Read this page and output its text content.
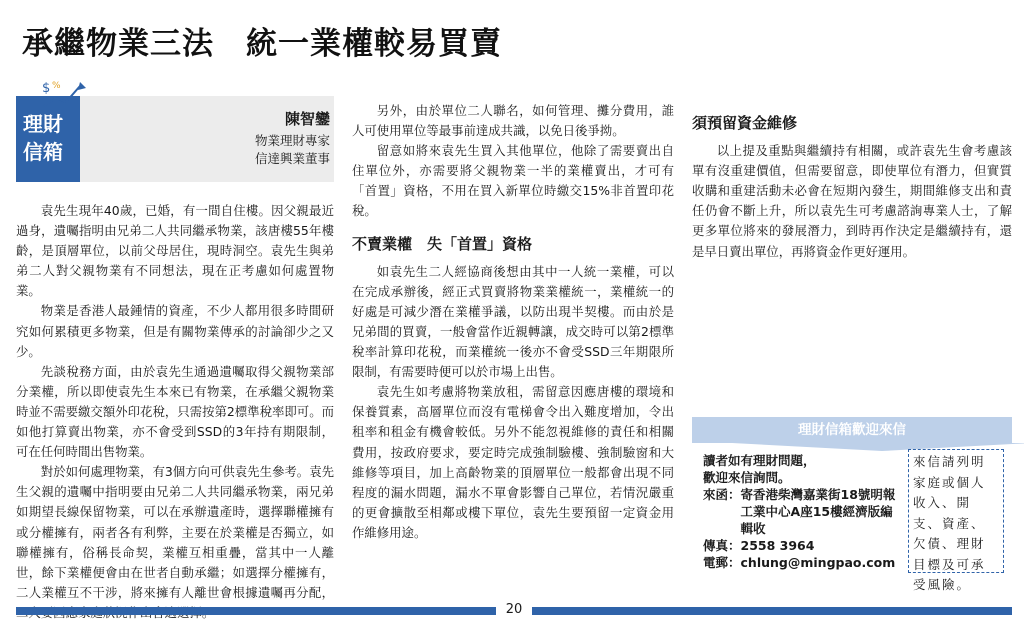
承繼物業三法　統一業權較易買賣
理財
信箱
$ %
陳智鑾
物業理財專家
信達興業董事

袁先生現年40歲，已婚，有一間自住樓。因父親最近過身，遺囑指明由兄弟二人共同繼承物業，該唐樓55年樓齡，是頂層單位，以前父母居住，現時洞空。袁先生與弟弟二人對父親物業有不同想法，現在正考慮如何處置物業。

物業是香港人最鍾情的資產，不少人都用很多時間研究如何累積更多物業，但是有關物業傳承的討論卻少之又少。

先談稅務方面，由於袁先生通過遺囑取得父親物業部分業權，所以即使袁先生本來已有物業，在承繼父親物業時並不需要繳交額外印花稅，只需按第2標準稅率即可。而如他打算賣出物業，亦不會受到SSD的3年持有期限制，可在任何時間出售物業。

對於如何處理物業，有3個方向可供袁先生參考。袁先生父親的遺囑中指明要由兄弟二人共同繼承物業，兩兄弟如期望長線保留物業，可以在承辦遺產時，選擇聯權擁有或分權擁有，兩者各有利弊，主要在於業權是否獨立，如聯權擁有，俗稱長命契，業權互相重疊，當其中一人離世，餘下業權便會由在世者自動承繼；如選擇分權擁有，二人業權互不干涉，將來擁有人離世會根據遺囑再分配，

另外，由於單位二人聯名，如何管理、攤分費用，誰人可使用單位等最事前達成共識，以免日後爭拗。

留意如將來袁先生買入其他單位，他除了需要賣出自住單位外，亦需要將父親物業一半的業權賣出，才可有「首置」資格，不用在買入新單位時繳交15%非首置印花稅。

不賣業權　失「首置」資格

如袁先生二人經協商後想由其中一人統一業權，可以在完成承辦後，經正式買賣將物業業權統一，業權統一的好處是可減少潛在業權爭議，以防出現半契樓。而由於是兄弟間的買賣，一般會當作近親轉讓，成交時可以第2標準稅率計算印花稅，而業權統一後亦不會受SSD三年期限所限制，有需要時便可以於市場上出售。

袁先生如考慮將物業放租，需留意因應唐樓的環境和保養質素，高層單位而沒有電梯會令出入難度增加，令出租率和租金有機會較低。另外不能忽視維修的責任和相關費用，按政府要求，要定時完成強制驗樓、強制驗窗和大維修等項目，加上高齡物業的頂層單位一般都會出現不同程度的漏水問題，漏水不單會影響自己單位，若情況嚴重的更會擴散至相鄰或樓下單位，袁先生要預留一定資金用作維修用途。

須預留資金維修

以上提及重點與繼續持有相關，或許袁先生會考慮該單有沒重建價值，但需要留意，即使單位有潛力，但實質收購和重建活動未必會在短期內發生，期間維修支出和責任仍會不斷上升，所以袁先生可考慮諮詢專業人士，了解更多單位將來的發展潛力，到時再作決定是繼續持有，還是早日賣出單位，再將資金作更好運用。

理財信箱歡迎來信
讀者如有理財問題，
歡迎來信詢問。
來函： 寄香港柴灣嘉業街18號明報工業中心A座15樓經濟版編輯收
傳真： 2558 3964
電郵： chlung@mingpao.com
來信請列明家庭或個人收入、開支、資產、欠債、理財目標及可承受風險。
20
